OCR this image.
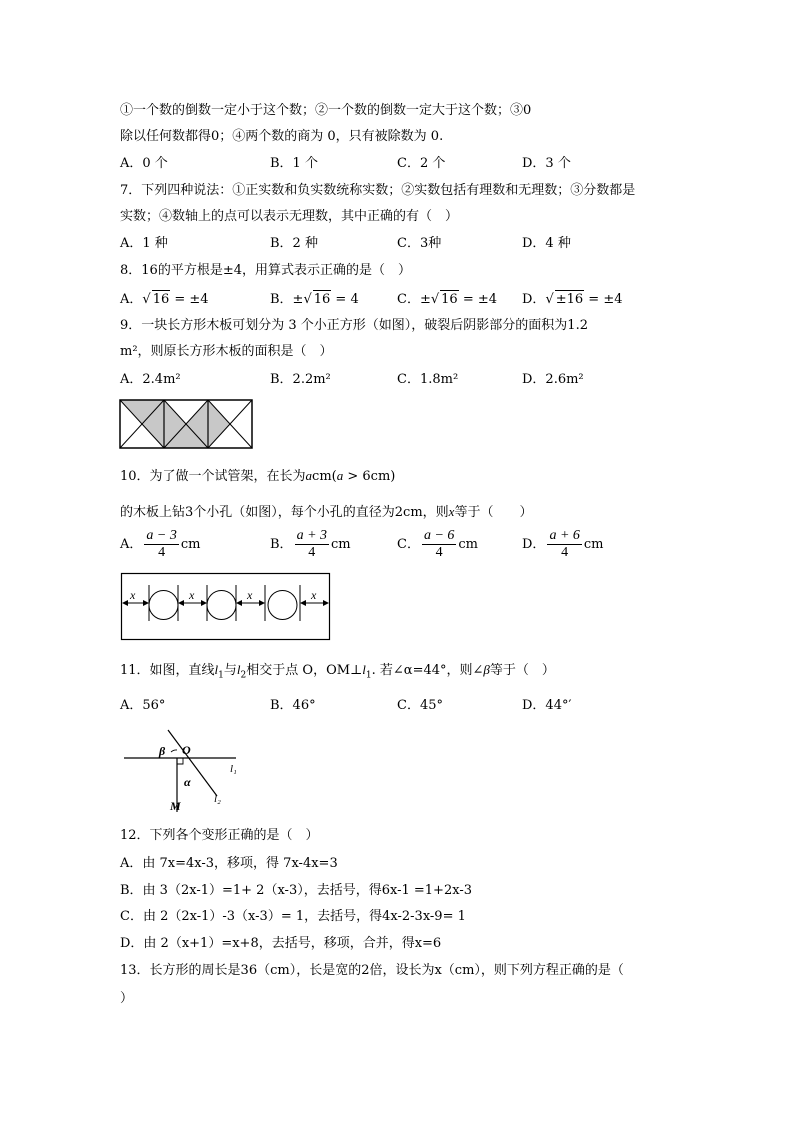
①一个数的倒数一定小于这个数；②一个数的倒数一定大于这个数；③0
除以任何数都得0；④两个数的商为 0，只有被除数为 0.
A．0 个	B．1 个	C．2 个	D．3 个
7．下列四种说法：①正实数和负实数统称实数；②实数包括有理数和无理数；③分数都是
实数；④数轴上的点可以表示无理数，其中正确的有（　）
A．1 种	B．2 种	C．3种	D．4 种
8．16的平方根是±4，用算式表示正确的是（　）
A．√ 16 = ±4	B．±√ 16 = 4	C．±√ 16 = ±4 D．√ ±16 = ±4
9．一块长方形木板可划分为 3 个小正方形（如图），破裂后阴影部分的面积为1.2
m²，则原长方形木板的面积是（　）
A．2.4m²	B．2.2m²	C．1.8m²	D．2.6m²
10．为了做一个试管架，在长为acm(a > 6cm)
的木板上钻3个小孔（如图），每个小孔的直径为2cm，则x等于（　　）
A． $\frac{a - 3}{4}$ cm	B． $\frac{a + 3}{4}$ cm	C． $\frac{a - 6}{4}$ cm	D． $\frac{a + 6}{4}$ cm
x	x	x	x
11．如图，直线$l_1$与$l_2$相交于点 O，$OM\perp l_1$. 若∠α=44°，则∠β等于（　）
A．56°	B．46°	C．45°	D．44°′
β O
α
M
l₁
l₂
12．下列各个变形正确的是（　）
A．由 7x=4x-3，移项，得 7x-4x=3
B．由 3（2x-1）=1+ 2（x-3），去括号，得6x-1 =1+2x-3
C．由 2（2x-1）-3（x-3）= 1，去括号，得4x-2-3x-9= 1
D．由 2（x+1）=x+8，去括号，移项，合并，得x=6
13．长方形的周长是36（cm），长是宽的2倍，设长为x（cm），则下列方程正确的是（
）
